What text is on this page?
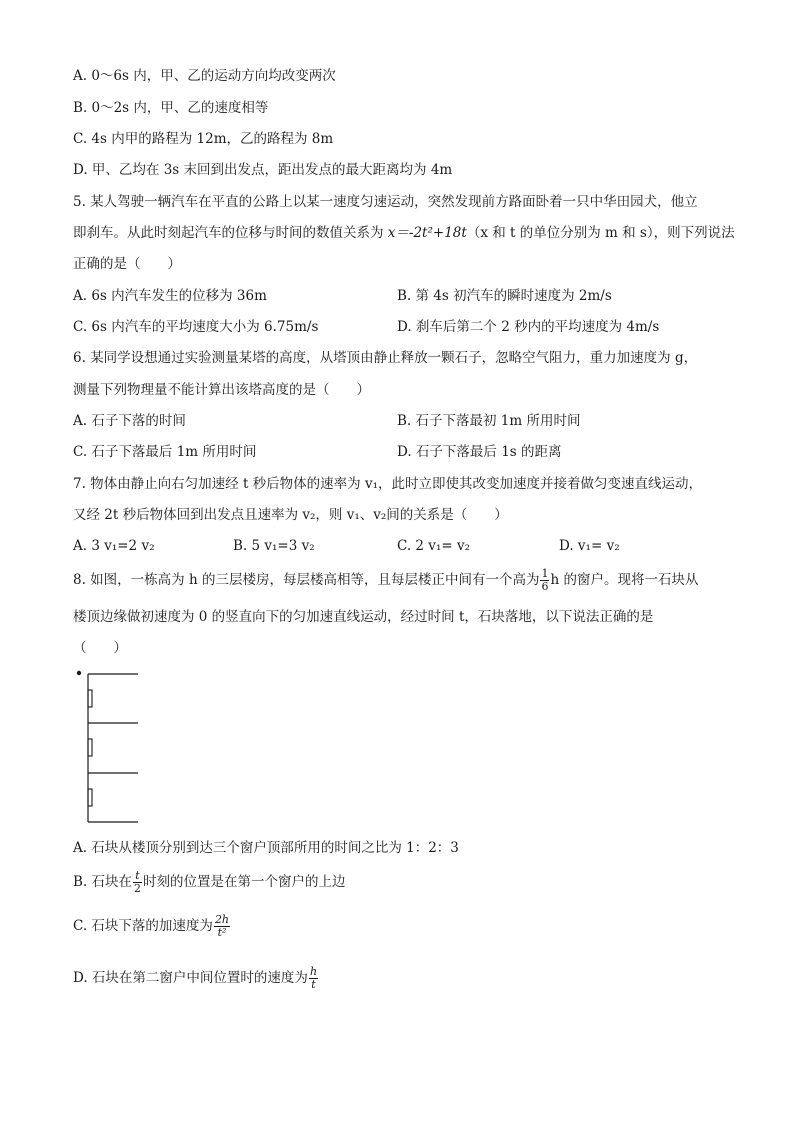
A. 0～6s 内，甲、乙的运动方向均改变两次
B. 0～2s 内，甲、乙的速度相等
C. 4s 内甲的路程为 12m，乙的路程为 8m
D. 甲、乙均在 3s 末回到出发点，距出发点的最大距离均为 4m
5. 某人驾驶一辆汽车在平直的公路上以某一速度匀速运动，突然发现前方路面卧着一只中华田园犬，他立
即刹车。从此时刻起汽车的位移与时间的数值关系为 x＝-2t²+18t（x 和 t 的单位分别为 m 和 s），则下列说法
正确的是（　　）
A. 6s 内汽车发生的位移为 36m	B. 第 4s 初汽车的瞬时速度为 2m/s
C. 6s 内汽车的平均速度大小为 6.75m/s	D. 刹车后第二个 2 秒内的平均速度为 4m/s
6. 某同学设想通过实验测量某塔的高度，从塔顶由静止释放一颗石子，忽略空气阻力，重力加速度为 g，
测量下列物理量不能计算出该塔高度的是（　　）
A. 石子下落的时间	B. 石子下落最初 1m 所用时间
C. 石子下落最后 1m 所用时间	D. 石子下落最后 1s 的距离
7. 物体由静止向右匀加速经 t 秒后物体的速率为 v₁，此时立即使其改变加速度并接着做匀变速直线运动，
又经 2t 秒后物体回到出发点且速率为 v₂，则 v₁、v₂间的关系是（　　）
A. 3 v₁=2 v₂	B. 5 v₁=3 v₂	C. 2 v₁= v₂	D. v₁= v₂
8. 如图，一栋高为 h 的三层楼房，每层楼高相等，且每层楼正中间有一个高为 $\frac{1}{6}$ h 的窗户。现将一石块从
楼顶边缘做初速度为 0 的竖直向下的匀加速直线运动，经过时间 t，石块落地，以下说法正确的是
（　　）
A. 石块从楼顶分别到达三个窗户顶部所用的时间之比为 1：2：3
B. 石块在 $\frac{t}{2}$ 时刻的位置是在第一个窗户的上边
C. 石块下落的加速度为 $\frac{2h}{\text{t²}}$
D. 石块在第二窗户中间位置时的速度为 $\frac{h}{t}$
